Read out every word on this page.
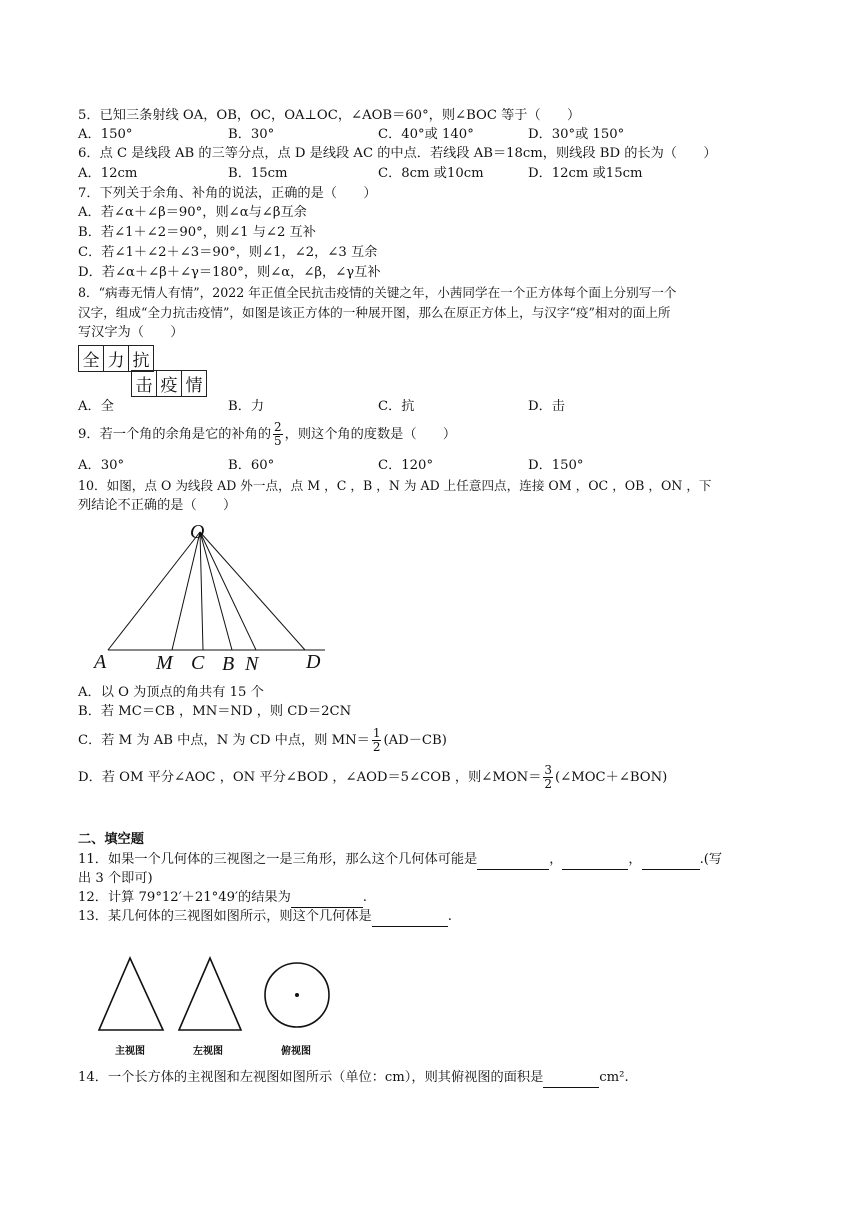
5．已知三条射线 OA，OB，OC，OA⊥OC，∠AOB＝60°，则∠BOC 等于（　　）
A．150°	B．30°	C．40°或 140°	D．30°或 150°
6．点 C 是线段 AB 的三等分点，点 D 是线段 AC 的中点．若线段 AB＝18cm，则线段 BD 的长为（　　）
A．12cm	B．15cm	C．8cm 或10cm	D．12cm 或15cm
7．下列关于余角、补角的说法，正确的是（　　）
A．若∠α＋∠β＝90°，则∠α与∠β互余
B．若∠1＋∠2＝90°，则∠1 与∠2 互补
C．若∠1＋∠2＋∠3＝90°，则∠1，∠2，∠3 互余
D．若∠α＋∠β＋∠γ＝180°，则∠α，∠β，∠γ互补
8．“病毒无情人有情”，2022 年正值全民抗击疫情的关键之年，小茜同学在一个正方体每个面上分别写一个
汉字，组成“全力抗击疫情”，如图是该正方体的一种展开图，那么在原正方体上，与汉字“疫”相对的面上所
写汉字为（　　）
全	力	抗
击	疫	情
A．全	B．力	C．抗	D．击
9．若一个角的余角是它的补角的 $\frac{2}{5}$ ，则这个角的度数是（　　）
A．30°	B．60°	C．120°	D．150°
10．如图，点 O 为线段 AD 外一点，点 M ，C ，B ，N 为 AD 上任意四点，连接 OM ，OC ，OB ，ON ，下
列结论不正确的是（　　）
O
A M C B N D
A．以 O 为顶点的角共有 15 个
B．若 MC＝CB ，MN＝ND ，则 CD＝2CN
C．若 M 为 AB 中点，N 为 CD 中点，则 $MN= \frac{1}{2} (AD-CB)$
D．若 OM 平分∠AOC ，ON 平分∠BOD ，∠AOD＝5∠COB ，则∠MON＝ $\frac{3}{2}$ (∠MOC＋∠BON)
二、填空题
11．如果一个几何体的三视图之一是三角形，那么这个几何体可能是	，	，	.(写
出 3 个即可)
12．计算 79°12′＋21°49′的结果为	.
13．某几何体的三视图如图所示，则这个几何体是	.
主视图	左视图	俯视图
14．一个长方体的主视图和左视图如图所示（单位：cm），则其俯视图的面积是	cm².
